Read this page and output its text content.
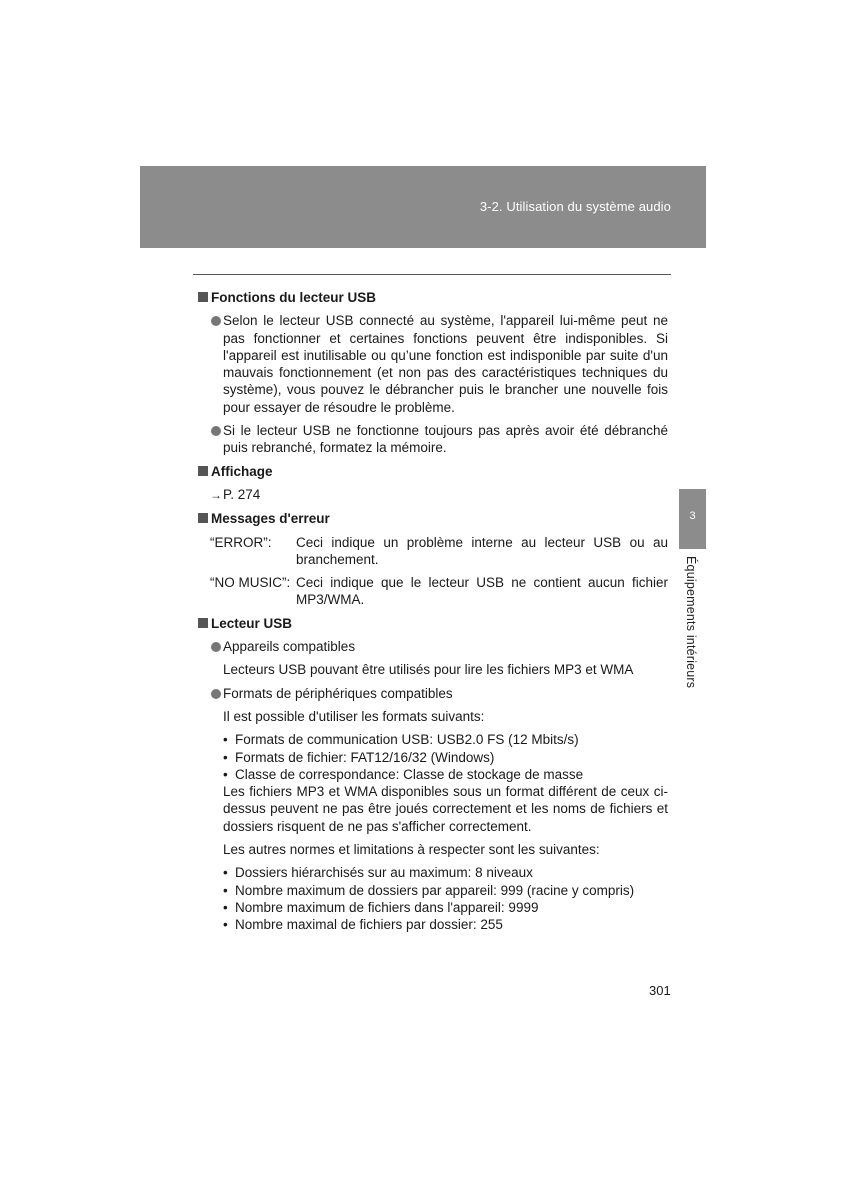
3-2. Utilisation du système audio
3
Équipements intérieurs
Fonctions du lecteur USB

Selon le lecteur USB connecté au système, l'appareil lui-même peut ne pas fonctionner et certaines fonctions peuvent être indisponibles. Si l'appareil est inutilisable ou qu’une fonction est indisponible par suite d'un mauvais fonctionnement (et non pas des caractéristiques techniques du système), vous pouvez le débrancher puis le brancher une nouvelle fois pour essayer de résoudre le problème.

Si le lecteur USB ne fonctionne toujours pas après avoir été débranché puis rebranché, formatez la mémoire.

Affichage

→P. 274

Messages d'erreur
“ERROR”:	Ceci indique un problème interne au lecteur USB ou au branchement.
“NO MUSIC”: Ceci indique que le lecteur USB ne contient aucun fichier MP3/WMA.
Lecteur USB

Appareils compatibles

Lecteurs USB pouvant être utilisés pour lire les fichiers MP3 et WMA

Formats de périphériques compatibles

Il est possible d'utiliser les formats suivants:

• Formats de communication USB: USB2.0 FS (12 Mbits/s)
• Formats de fichier: FAT12/16/32 (Windows)
• Classe de correspondance: Classe de stockage de masse

Les fichiers MP3 et WMA disponibles sous un format différent de ceux ci-dessus peuvent ne pas être joués correctement et les noms de fichiers et dossiers risquent de ne pas s'afficher correctement.

Les autres normes et limitations à respecter sont les suivantes:

• Dossiers hiérarchisés sur au maximum: 8 niveaux
• Nombre maximum de dossiers par appareil: 999 (racine y compris)
• Nombre maximum de fichiers dans l'appareil: 9999
• Nombre maximal de fichiers par dossier: 255
301
